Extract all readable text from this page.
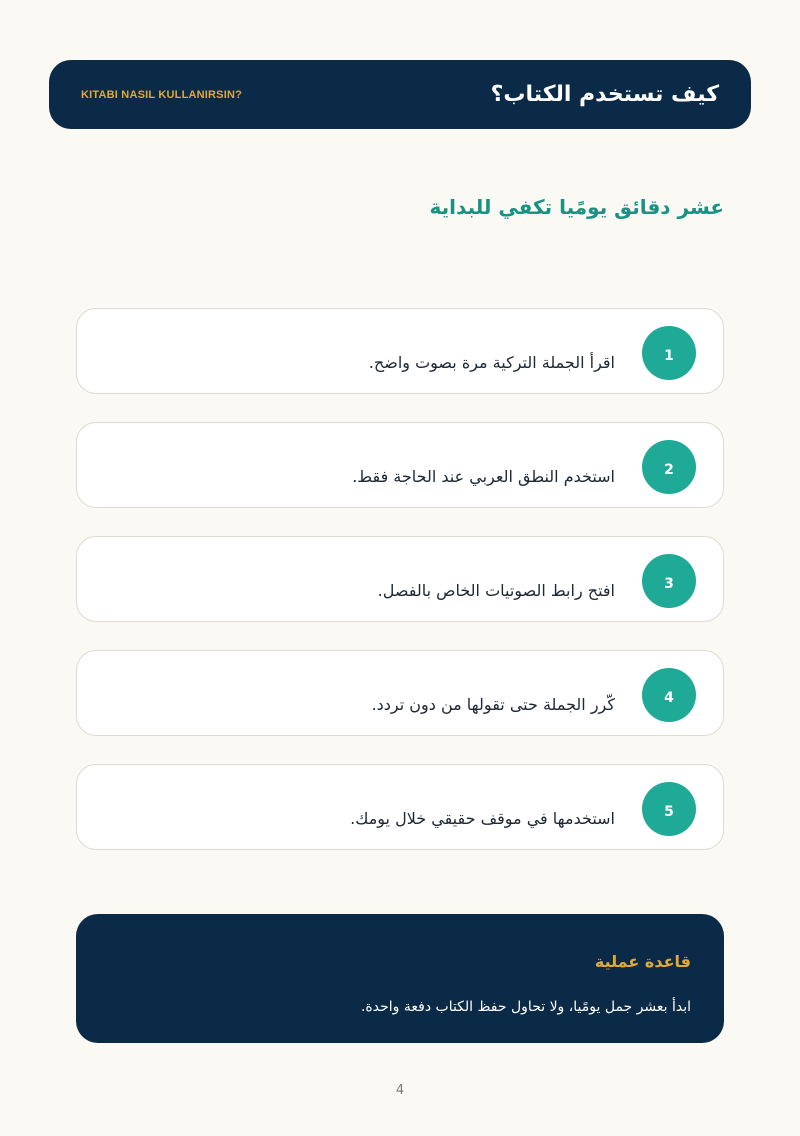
KITABI NASIL KULLANIRSIN?	كيف تستخدم الكتاب؟
عشر دقائق يومًيا تكفي للبداية
1
اقرأ الجملة التركية مرة بصوت واضح.
2
استخدم النطق العربي عند الحاجة فقط.
3
افتح رابط الصوتيات الخاص بالفصل.
4
كّرر الجملة حتى تقولها من دون تردد.
5
استخدمها في موقف حقيقي خلال يومك.
قاعدة عملية
ابدأ بعشر جمل يومًيا، ولا تحاول حفظ الكتاب دفعة واحدة.
4
